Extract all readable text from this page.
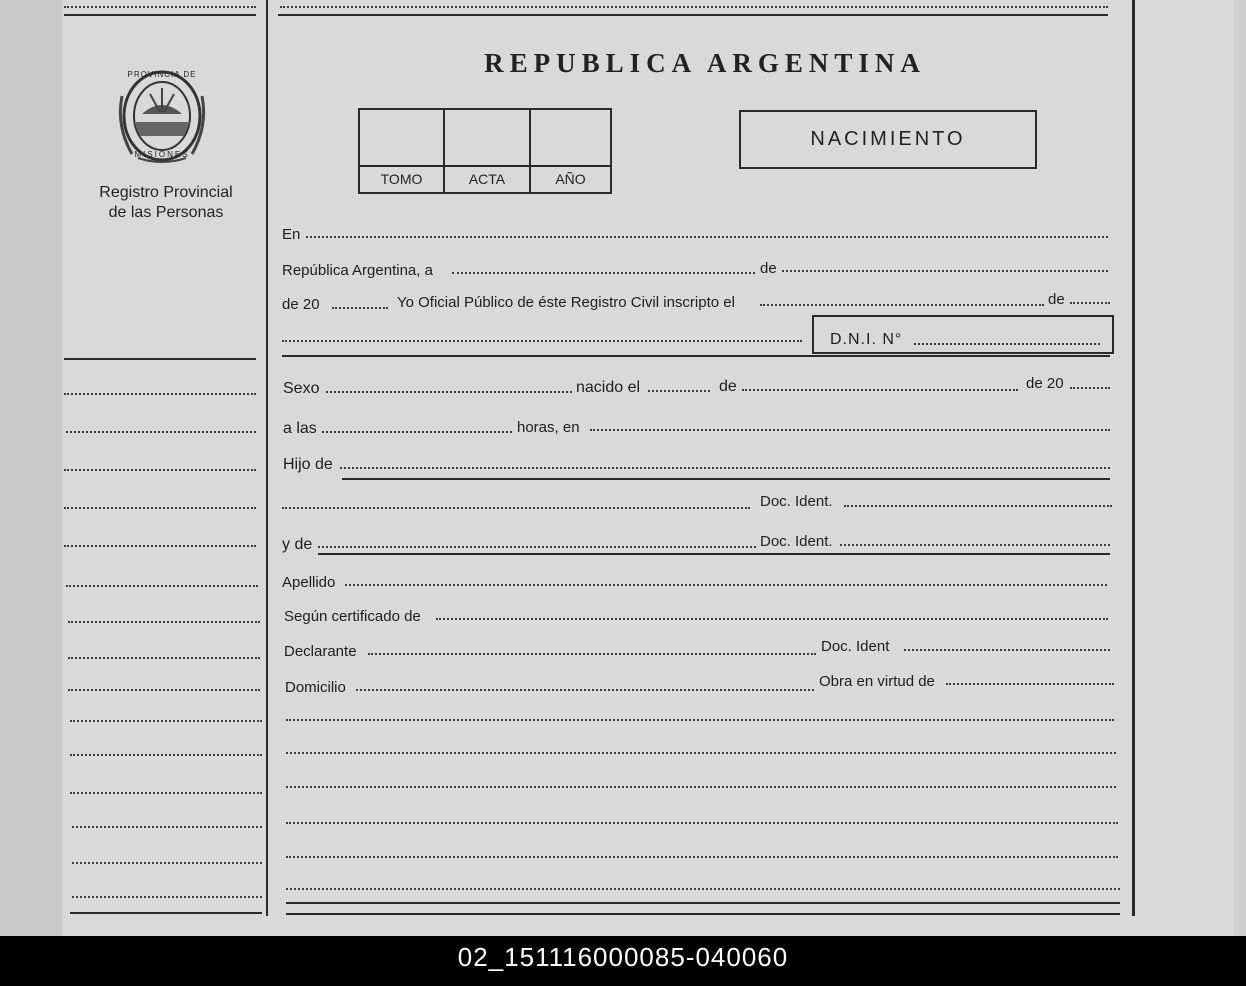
PROVINCIA DE
MISIONES
Registro Provincial
de las Personas
REPUBLICA ARGENTINA
TOMO	ACTA	AÑO
NACIMIENTO
En
República Argentina, a	de
de 20	Yo Oficial Público de éste Registro Civil inscripto el	de
D.N.I. N°
Sexo	nacido el	de	de 20
a las	horas, en
Hijo de
Doc. Ident.
y de	Doc. Ident.
Apellido
Según certificado de
Declarante	Doc. Ident
Domicilio	Obra en virtud de
02_151116000085-040060
